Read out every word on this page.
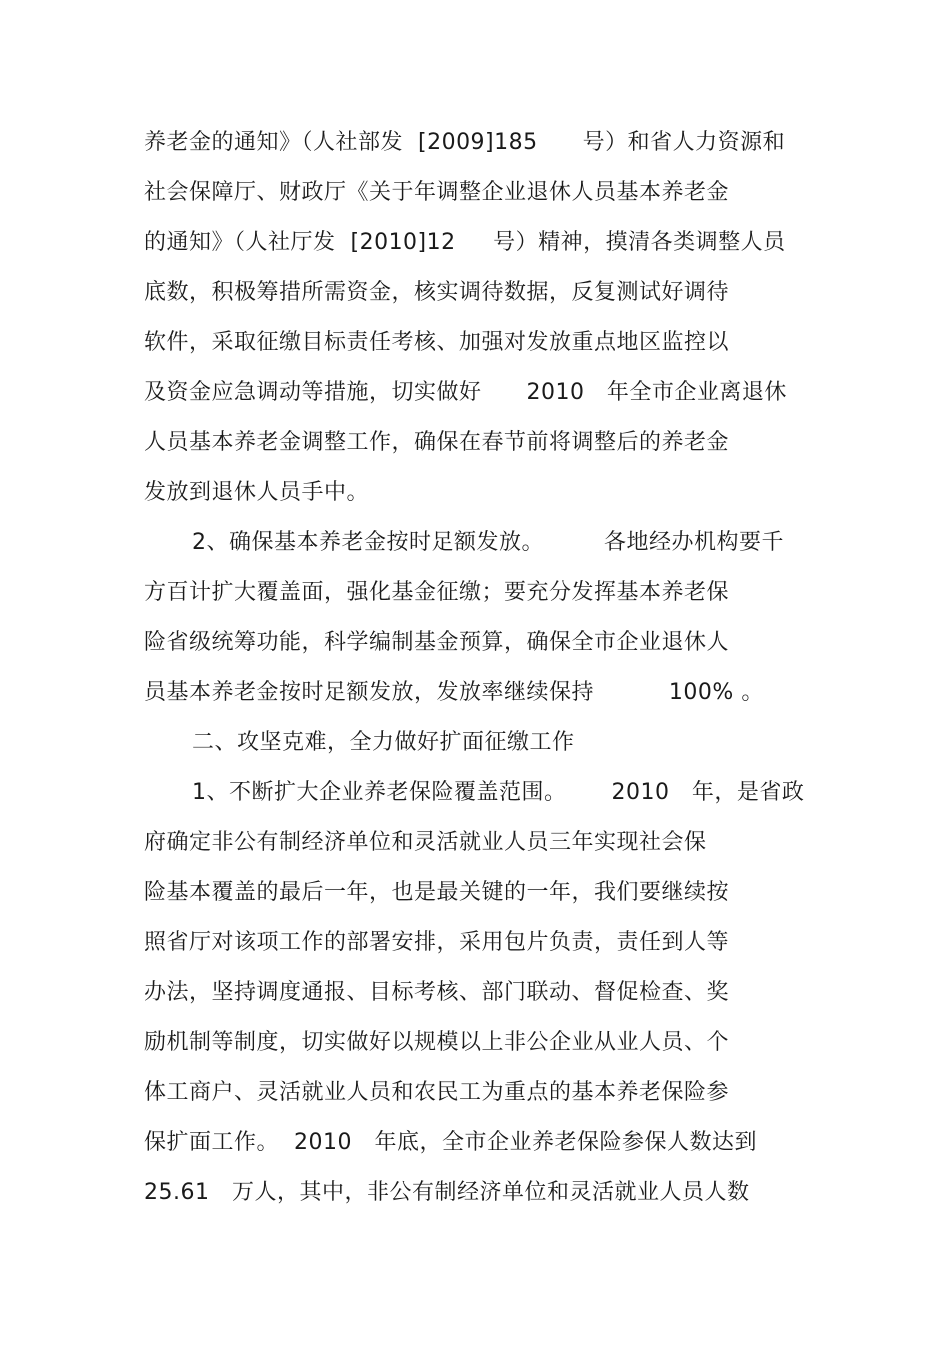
养老金的通知》（人社部发  [2009]185      号）和省人力资源和
社会保障厅、财政厅《关于年调整企业退休人员基本养老金
的通知》（人社厅发  [2010]12     号）精神，摸清各类调整人员
底数，积极筹措所需资金，核实调待数据，反复测试好调待
软件，采取征缴目标责任考核、加强对发放重点地区监控以
及资金应急调动等措施，切实做好      2010   年全市企业离退休
人员基本养老金调整工作，确保在春节前将调整后的养老金
发放到退休人员手中。
2、确保基本养老金按时足额发放。        各地经办机构要千
方百计扩大覆盖面，强化基金征缴；要充分发挥基本养老保
险省级统筹功能，科学编制基金预算，确保全市企业退休人
员基本养老金按时足额发放，发放率继续保持          100% 。
二、攻坚克难，全力做好扩面征缴工作
1、不断扩大企业养老保险覆盖范围。      2010   年，是省政
府确定非公有制经济单位和灵活就业人员三年实现社会保
险基本覆盖的最后一年，也是最关键的一年，我们要继续按
照省厅对该项工作的部署安排，采用包片负责，责任到人等
办法，坚持调度通报、目标考核、部门联动、督促检查、奖
励机制等制度，切实做好以规模以上非公企业从业人员、个
体工商户、灵活就业人员和农民工为重点的基本养老保险参
保扩面工作。  2010   年底，全市企业养老保险参保人数达到
25.61   万人，其中，非公有制经济单位和灵活就业人员人数
